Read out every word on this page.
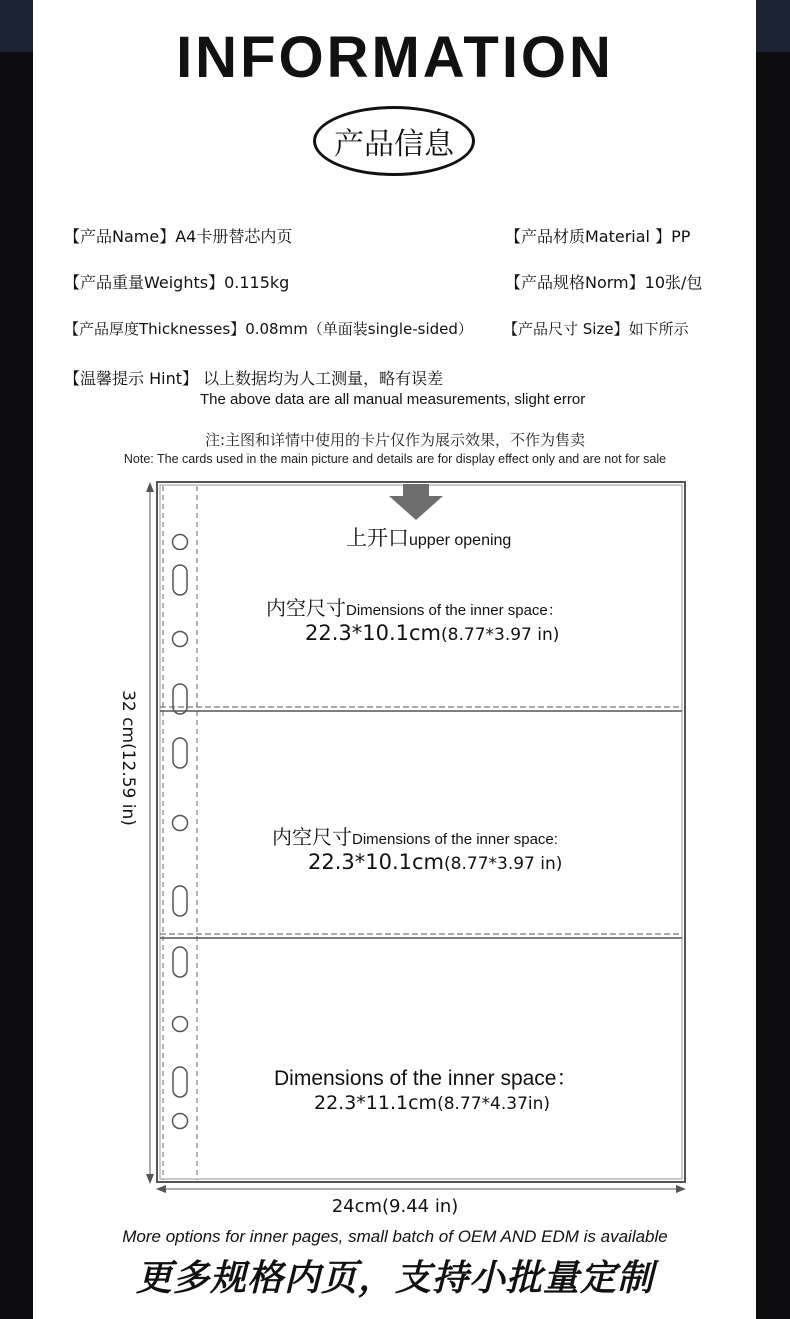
INFORMATION
产品信息
【产品Name】A4卡册替芯内页	【产品材质Material 】PP
【产品重量Weights】0.115kg	【产品规格Norm】10张/包
【产品厚度Thicknesses】0.08mm（单面装single-sided） 【产品尺寸 Size】如下所示
【温馨提示 Hint】 以上数据均为人工测量，略有误差
The above data are all manual measurements, slight error
注:主图和详情中使用的卡片仅作为展示效果，不作为售卖
Note: The cards used in the main picture and details are for display effect only and are not for sale
上开口upper opening
内空尺寸Dimensions of the inner space：
22.3*10.1cm(8.77*3.97 in)
内空尺寸Dimensions of the inner space:
22.3*10.1cm(8.77*3.97 in)
Dimensions of the inner space：
22.3*11.1cm(8.77*4.37in)
32 cm(12.59 in)
24cm(9.44 in)
More options for inner pages, small batch of OEM AND EDM is available
更多规格内页，支持小批量定制
